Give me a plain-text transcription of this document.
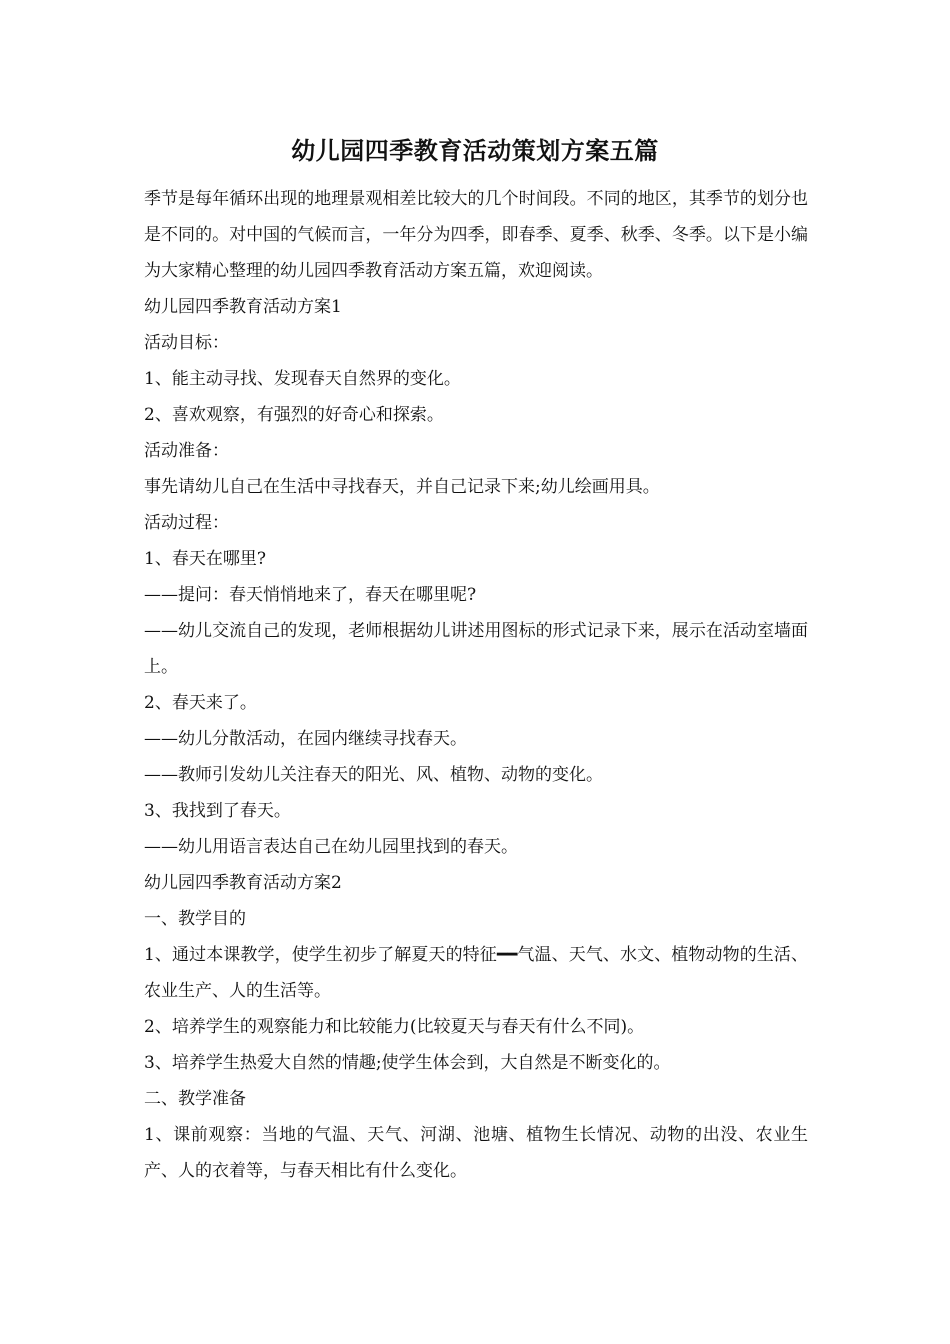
幼儿园四季教育活动策划方案五篇

季节是每年循环出现的地理景观相差比较大的几个时间段。不同的地区，其季节的划分也是不同的。对中国的气候而言，一年分为四季，即春季、夏季、秋季、冬季。以下是小编为大家精心整理的幼儿园四季教育活动方案五篇，欢迎阅读。

幼儿园四季教育活动方案1

活动目标：

1、能主动寻找、发现春天自然界的变化。

2、喜欢观察，有强烈的好奇心和探索。

活动准备：

事先请幼儿自己在生活中寻找春天，并自己记录下来;幼儿绘画用具。

活动过程：

1、春天在哪里?

——提问：春天悄悄地来了，春天在哪里呢?

——幼儿交流自己的发现，老师根据幼儿讲述用图标的形式记录下来，展示在活动室墙面上。

2、春天来了。

——幼儿分散活动，在园内继续寻找春天。

——教师引发幼儿关注春天的阳光、风、植物、动物的变化。

3、我找到了春天。

——幼儿用语言表达自己在幼儿园里找到的春天。

幼儿园四季教育活动方案2

一、教学目的

1、通过本课教学，使学生初步了解夏天的特征━━气温、天气、水文、植物动物的生活、农业生产、人的生活等。

2、培养学生的观察能力和比较能力(比较夏天与春天有什么不同)。

3、培养学生热爱大自然的情趣;使学生体会到，大自然是不断变化的。

二、教学准备

1、课前观察：当地的气温、天气、河湖、池塘、植物生长情况、动物的出没、农业生产、人的衣着等，与春天相比有什么变化。
